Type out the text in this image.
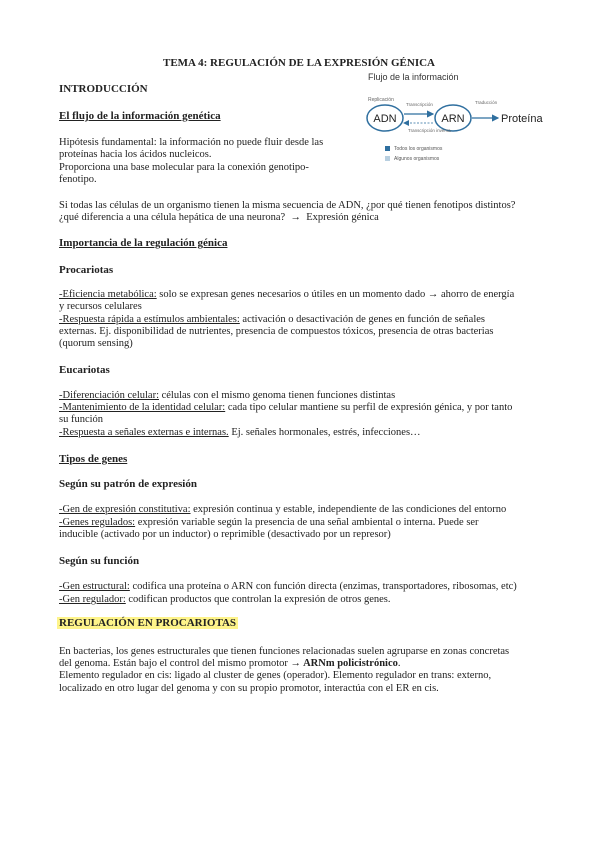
TEMA 4: REGULACIÓN DE LA EXPRESIÓN GÉNICA
INTRODUCCIÓN
El flujo de la información genética
Hipótesis fundamental: la información no puede fluir desde las
proteínas hacia los ácidos nucleicos.
Proporciona una base molecular para la conexión genotipo-
fenotipo.
Flujo de la información
ADN	ARN	Proteína
Replicación
Transcripción
Transcripción inversa
Traducción
Todos los organismos
Algunos organismos
Si todas las células de un organismo tienen la misma secuencia de ADN, ¿por qué tienen fenotipos distintos?
¿qué diferencia a una célula hepática de una neurona? → Expresión génica
Importancia de la regulación génica
Procariotas
-Eficiencia metabólica: solo se expresan genes necesarios o útiles en un momento dado → ahorro de energía
y recursos celulares
-Respuesta rápida a estímulos ambientales: activación o desactivación de genes en función de señales
externas. Ej. disponibilidad de nutrientes, presencia de compuestos tóxicos, presencia de otras bacterias
(quorum sensing)
Eucariotas
-Diferenciación celular: células con el mismo genoma tienen funciones distintas
-Mantenimiento de la identidad celular: cada tipo celular mantiene su perfil de expresión génica, y por tanto
su función
-Respuesta a señales externas e internas. Ej. señales hormonales, estrés, infecciones…
Tipos de genes
Según su patrón de expresión
-Gen de expresión constitutiva: expresión continua y estable, independiente de las condiciones del entorno
-Genes regulados: expresión variable según la presencia de una señal ambiental o interna. Puede ser
inducible (activado por un inductor) o reprimible (desactivado por un represor)
Según su función
-Gen estructural: codifica una proteína o ARN con función directa (enzimas, transportadores, ribosomas, etc)
-Gen regulador: codifican productos que controlan la expresión de otros genes.
REGULACIÓN EN PROCARIOTAS
En bacterias, los genes estructurales que tienen funciones relacionadas suelen agruparse en zonas concretas
del genoma. Están bajo el control del mismo promotor → ARNm policistrónico.
Elemento regulador en cis: ligado al cluster de genes (operador). Elemento regulador en trans: externo,
localizado en otro lugar del genoma y con su propio promotor, interactúa con el ER en cis.
